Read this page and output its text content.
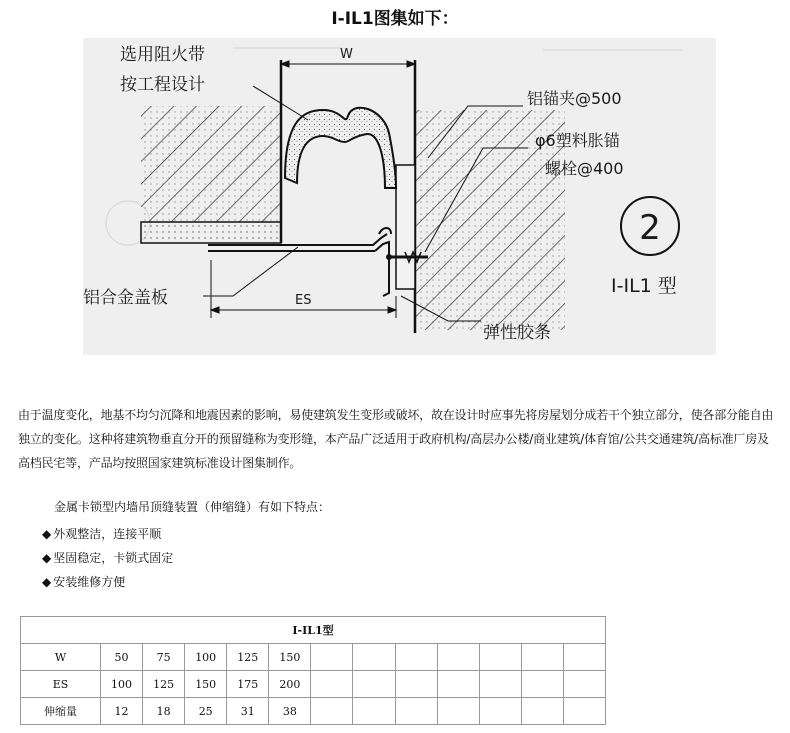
I-IL1图集如下：
W
ES
选用阻火带
按工程设计
铝锚夹@500
φ6塑料胀锚
螺栓@400
铝合金盖板
弹性胶条
2
I-IL1 型
由于温度变化，地基不均匀沉降和地震因素的影响，易使建筑发生变形或破坏，故在设计时应事先将房屋划分成若干个独立部分，使各部分能自由独立的变化。这种将建筑物垂直分开的预留缝称为变形缝，本产品广泛适用于政府机构/高层办公楼/商业建筑/体育馆/公共交通建筑/高标准厂房及高档民宅等，产品均按照国家建筑标准设计图集制作。
金属卡锁型内墙吊顶缝装置（伸缩缝）有如下特点：
◆ 外观整洁，连接平顺
◆ 坚固稳定，卡锁式固定
◆ 安装维修方便
I-IL1型												
W	50	75	100	125	150							
ES	100	125	150	175	200							
伸缩量	12	18	25	31	38							
